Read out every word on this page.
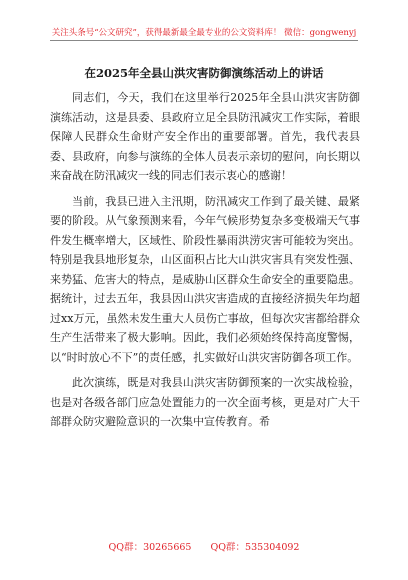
关注头条号“公文研究”，获得最新最全最专业的公文资料库！ 微信：gongwenyj
在2025年全县山洪灾害防御演练活动上的讲话

同志们，今天，我们在这里举行2025年全县山洪灾害防御演练活动，这是县委、县政府立足全县防汛减灾工作实际，着眼保障人民群众生命财产安全作出的重要部署。首先，我代表县委、县政府，向参与演练的全体人员表示亲切的慰问，向长期以来奋战在防汛减灾一线的同志们表示衷心的感谢！

当前，我县已进入主汛期，防汛减灾工作到了最关键、最紧要的阶段。从气象预测来看，今年气候形势复杂多变极端天气事件发生概率增大，区域性、阶段性暴雨洪涝灾害可能较为突出。特别是我县地形复杂，山区面积占比大山洪灾害具有突发性强、来势猛、危害大的特点，是威胁山区群众生命安全的重要隐患。据统计，过去五年，我县因山洪灾害造成的直接经济损失年均超过xx万元，虽然未发生重大人员伤亡事故，但每次灾害都给群众生产生活带来了极大影响。因此，我们必须始终保持高度警惕，以“时时放心不下”的责任感，扎实做好山洪灾害防御各项工作。

此次演练，既是对我县山洪灾害防御预案的一次实战检验，也是对各级各部门应急处置能力的一次全面考核，更是对广大干部群众防灾避险意识的一次集中宣传教育。希

QQ群：30265665 QQ群：535304092
